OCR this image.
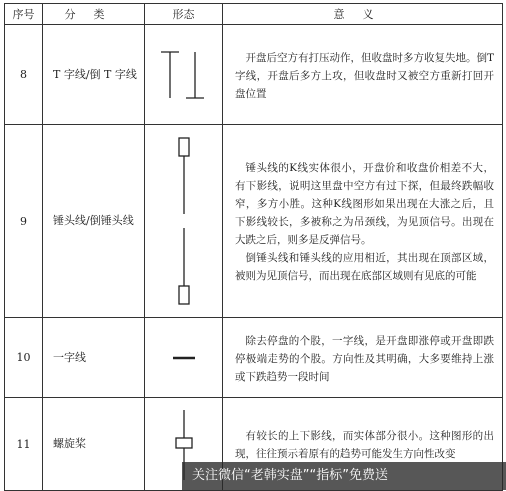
序号	分类	形态	意义
8	T 字线/倒 T 字线		开盘后空方有打压动作，但收盘时多方收复失地。倒T字线，开盘后多方上攻，但收盘时又被空方重新打回开盘位置

9	锤头线/倒锤头线		锤头线的K线实体很小，开盘价和收盘价相差不大，有下影线，说明这里盘中空方有过下探，但最终跌幅收窄，多方小胜。这种K线图形如果出现在大涨之后，且下影线较长，多被称之为吊颈线，为见顶信号。出现在大跌之后，则多是反弹信号。

倒锤头线和锤头线的应用相近，其出现在顶部区域，被则为见顶信号，而出现在底部区域则有见底的可能

10	一字线		除去停盘的个股，一字线，是开盘即涨停或开盘即跌停极端走势的个股。方向性及其明确，大多要维持上涨或下跌趋势一段时间

11	螺旋桨		有较长的上下影线，而实体部分很小。这种图形的出现，往往预示着原有的趋势可能发生方向性改变

关注微信“老韩实盘”“指标”免费送
